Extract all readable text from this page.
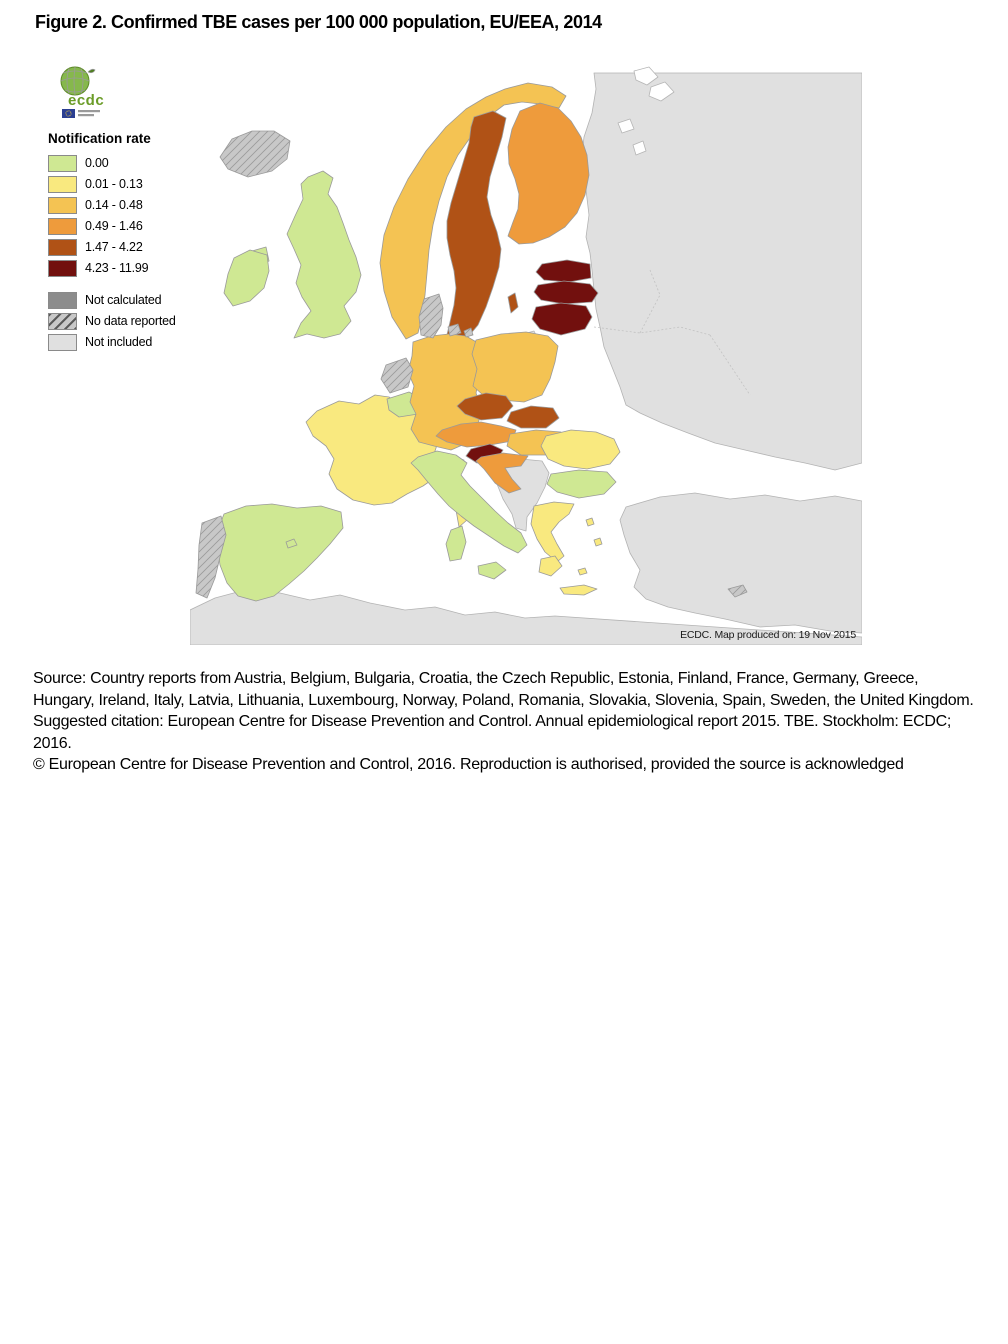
Figure 2. Confirmed TBE cases per 100 000 population, EU/EEA, 2014
ecdc
Notification rate
0.00
0.01 - 0.13
0.14 - 0.48
0.49 - 1.46
1.47 - 4.22
4.23 - 11.99
Not calculated
No data reported
Not included
ECDC. Map produced on: 19 Nov 2015

Source: Country reports from Austria, Belgium, Bulgaria, Croatia, the Czech Republic, Estonia, Finland, France, Germany, Greece, Hungary, Ireland, Italy, Latvia, Lithuania, Luxembourg, Norway, Poland, Romania, Slovakia, Slovenia, Spain, Sweden, the United Kingdom.

Suggested citation: European Centre for Disease Prevention and Control. Annual epidemiological report 2015. TBE. Stockholm: ECDC; 2016.

© European Centre for Disease Prevention and Control, 2016. Reproduction is authorised, provided the source is acknowledged
